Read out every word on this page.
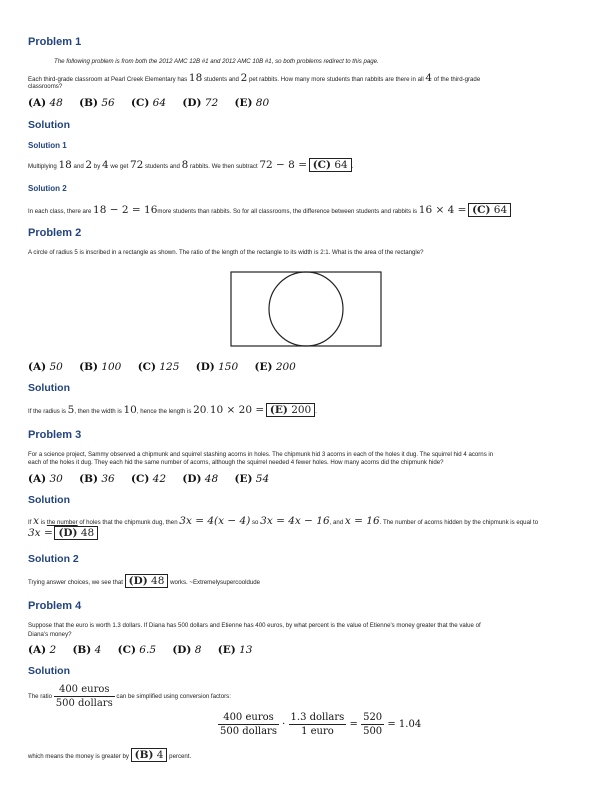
Problem 1
The following problem is from both the 2012 AMC 12B #1 and 2012 AMC 10B #1, so both problems redirect to this page.
Each third-grade classroom at Pearl Creek Elementary has 18 students and 2 pet rabbits. How many more students than rabbits are there in all 4 of the third-grade
classrooms?
(A) 48 (B) 56 (C) 64 (D) 72 (E) 80
Solution
Solution 1
Multiplying 18 and 2 by 4 we get 72 students and 8 rabbits. We then subtract 72 − 8 = (C) 64 .
Solution 2
In each class, there are 18 − 2 = 16more students than rabbits. So for all classrooms, the difference between students and rabbits is 16 × 4 = (C) 64
Problem 2
A circle of radius 5 is inscribed in a rectangle as shown. The ratio of the length of the rectangle to its width is 2:1. What is the area of the rectangle?
(A) 50 (B) 100 (C) 125 (D) 150 (E) 200
Solution
If the radius is 5, then the width is 10, hence the length is 20. 10 × 20 = (E) 200 .
Problem 3
For a science project, Sammy observed a chipmunk and squirrel stashing acorns in holes. The chipmunk hid 3 acorns in each of the holes it dug. The squirrel hid 4 acorns in
each of the holes it dug. They each hid the same number of acorns, although the squirrel needed 4 fewer holes. How many acorns did the chipmunk hide?
(A) 30 (B) 36 (C) 42 (D) 48 (E) 54
Solution
If x is the number of holes that the chipmunk dug, then 3x = 4(x − 4) so 3x = 4x − 16, and x = 16. The number of acorns hidden by the chipmunk is equal to
3x = (D) 48
Solution 2
Trying answer choices, we see that (D) 48 works. ~Extremelysupercooldude
Problem 4
Suppose that the euro is worth 1.3 dollars. If Diana has 500 dollars and Etienne has 400 euros, by what percent is the value of Etienne's money greater that the value of
Diana's money?
(A) 2 (B) 4 (C) 6.5 (D) 8 (E) 13
Solution
The ratio $\frac{\text{400 euros}}{\text{500 dollars}}$ can be simplified using conversion factors:
$\frac{\text{400 euros}}{\text{500 dollars}} \cdot \frac{\text{1.3 dollars}}{\text{1 euro}} = \frac{520}{500} = 1.04$
which means the money is greater by (B) 4 percent.
